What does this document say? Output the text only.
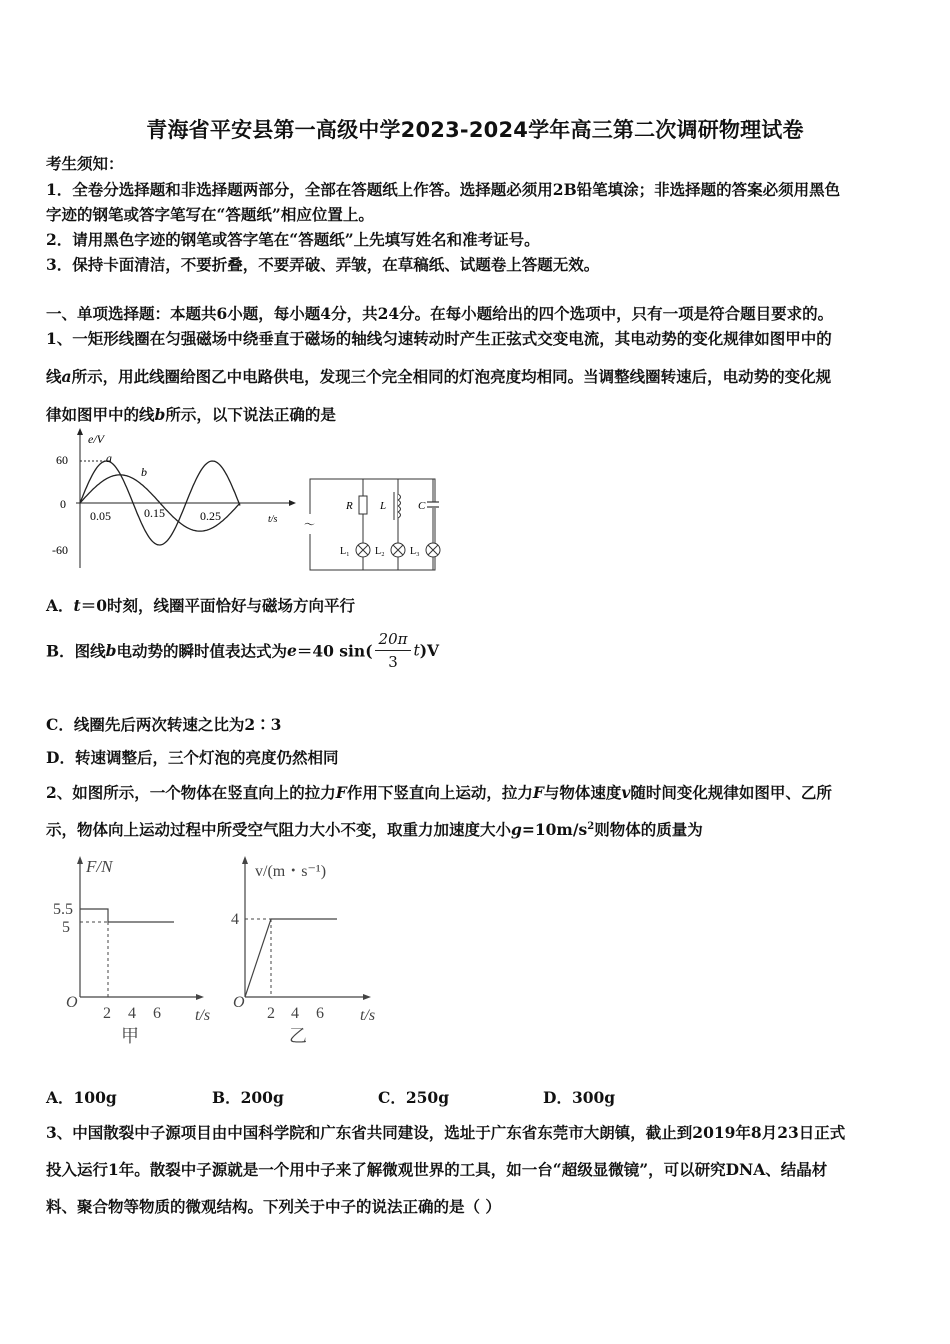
青海省平安县第一高级中学2023-2024学年高三第二次调研物理试卷
考生须知：
1．全卷分选择题和非选择题两部分，全部在答题纸上作答。选择题必须用2B铅笔填涂；非选择题的答案必须用黑色
字迹的钢笔或答字笔写在“答题纸”相应位置上。
2．请用黑色字迹的钢笔或答字笔在“答题纸”上先填写姓名和准考证号。
3．保持卡面清洁，不要折叠，不要弄破、弄皱，在草稿纸、试题卷上答题无效。
一、单项选择题：本题共6小题，每小题4分，共24分。在每小题给出的四个选项中，只有一项是符合题目要求的。
1、一矩形线圈在匀强磁场中绕垂直于磁场的轴线匀速转动时产生正弦式交变电流，其电动势的变化规律如图甲中的
线a所示，用此线圈给图乙中电路供电，发现三个完全相同的灯泡亮度均相同。当调整线圈转速后，电动势的变化规
律如图甲中的线b所示，以下说法正确的是
e/V
60
0
-60
a
b
0.05	0.15	0.25	t/s ～
R L	C
L₁	L₂	L₃
A．t＝0时刻，线圈平面恰好与磁场方向平行
B．图线b电动势的瞬时值表达式为e＝40 $\sin( \frac{20\pi}{3} t)V$
C．线圈先后两次转速之比为2∶3
D．转速调整后，三个灯泡的亮度仍然相同
2、如图所示，一个物体在竖直向上的拉力F作用下竖直向上运动，拉力F与物体速度v随时间变化规律如图甲、乙所
示，物体向上运动过程中所受空气阻力大小不变，取重力加速度大小$g=10m/s^2$则物体的质量为
F/N
5.5
5
O
2 4 6 t/s
甲
v/(m・s⁻¹)
4
O
2 4 6 t/s
乙
A．100g	B．200g	C．250g	D．300g
3、中国散裂中子源项目由中国科学院和广东省共同建设，选址于广东省东莞市大朗镇，截止到2019年8月23日正式
投入运行1年。散裂中子源就是一个用中子来了解微观世界的工具，如一台“超级显微镜”，可以研究DNA、结晶材
料、聚合物等物质的微观结构。下列关于中子的说法正确的是（ ）
